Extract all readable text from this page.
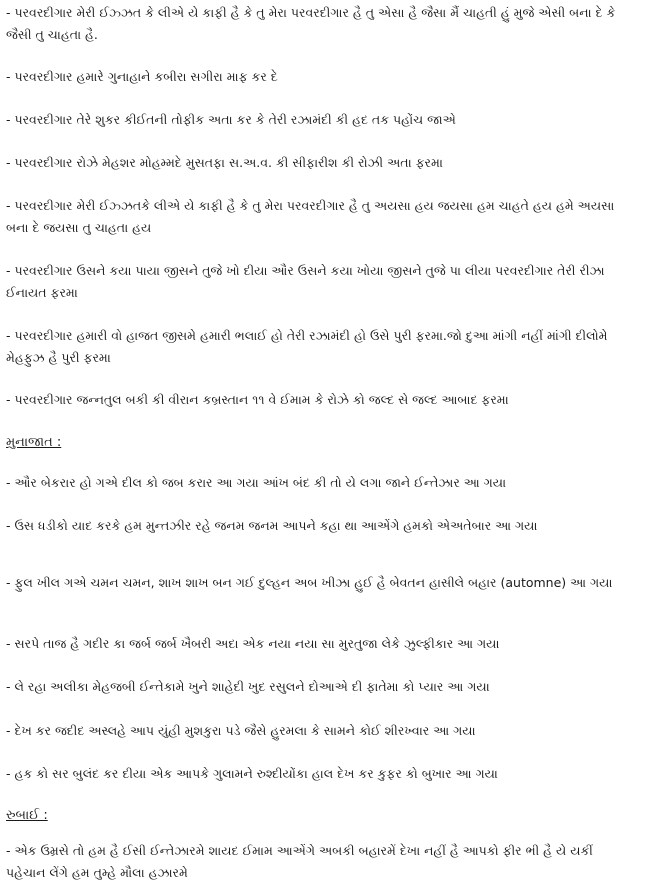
- પરવરદીગાર મેરી ઈઝ્ઝત કે લીએ યે કાફી હૈ કે તુ મેરા પરવરદીગાર હૈ તુ એસા હૈ જૈસા મૈં ચાહતી હું મુજે એસી બના દે કે જૈસી તુ ચાહતા હૈ.
- પરવરદીગાર હમારે ગુનાહાને કબીરા સગીરા માફ કર દે
- પરવરદીગાર તેરે શુકર કીઈતની તોફીક અતા કર કે તેરી રઝામંદી કી હદ તક પહોંચ જાએ
- પરવરદીગાર રોઝે મેહશર મોહમ્મદે મુસતફા સ.અ.વ. કી સીફારીશ કી રોઝી અતા ફરમા
- પરવરદીગાર મેરી ઈઝ્ઝતકે લીએ યે કાફી હૈ કે તુ મેરા પરવરદીગાર હૈ તુ અયસા હય જયસા હમ ચાહતે હય હમે અયસા બના દે જયસા તુ ચાહતા હય
- પરવરદીગાર ઉસને કયા પાયા જીસને તુજે ખો દીયા ઔર ઉસને કયા ખોયા જીસને તુજે પા લીયા પરવરદીગાર તેરી રીઝા ઈનાયત ફરમા
- પરવરદીગાર હમારી વો હાજત જીસમે હમારી ભલાઈ હો તેરી રઝામંદી હો ઉસે પુરી ફરમા.જો દુઆ માંગી નહીં માંગી દીલોમે મેહફુઝ હૈ પુરી ફરમા
- પરવરદીગાર જન્નતુલ બકી કી વીરાન કબ્રસ્તાન ૧૧ વે ઈમામ કે રોઝે કો જલ્દ સે જલ્દ આબાદ ફરમા
મુનાજાત :
- ઔર બેકરાર હો ગએ દીલ કો જબ કરાર આ ગયા આંખ બંદ કી તો યે લગા જાને ઈન્તેઝાર આ ગયા
- ઉસ ધડીકો યાદ કરકે હમ મુન્તઝીર રહે જનમ જનમ આપને કહા થા આએંગે હમકો એઅતેબાર આ ગયા
- ફુલ ખીલ ગએ ચમન ચમન, શાખ શાખ બન ગઈ દુલ્હન અબ ખીઝા હુઈ હૈ બેવતન હાસીલે બહાર (automne) આ ગયા
- સરપે તાજ હૈ ગદીર કા જર્બ જર્બ ખૈબરી અદા એક નયા નયા સા મુરતુજા લેકે ઝુલ્ફીકાર આ ગયા
- લે રહા અલીકા મેહજબી ઈન્તેકામે ખુને શાહેદી ખુદ રસુલને દોઆએ દી ફાતેમા કો પ્યાર આ ગયા
- દેખ કર જદીદ અસ્લહે આપ યુંહી મુશકુરા પડે જૈસે હુરમલા કે સામને કોઈ શીરખ્વાર આ ગયા
- હક કો સર બુલંદ કર દીયા એક આપકે ગુલામને રુશ્દીયોંકા હાલ દેખ કર કુફર કો બુખાર આ ગયા
રુબાઈ :
- એક ઉમ્રસે તો હમ હૈ ઈસી ઈન્તેઝારમે શાયદ ઈમામ આએંગે અબકી બહારમેં દેખા નહીં હૈ આપકો ફીર ભી હૈ યે યકીં પહેચાન લેંગે હમ તુમ્હે મૌલા હઝારમે
